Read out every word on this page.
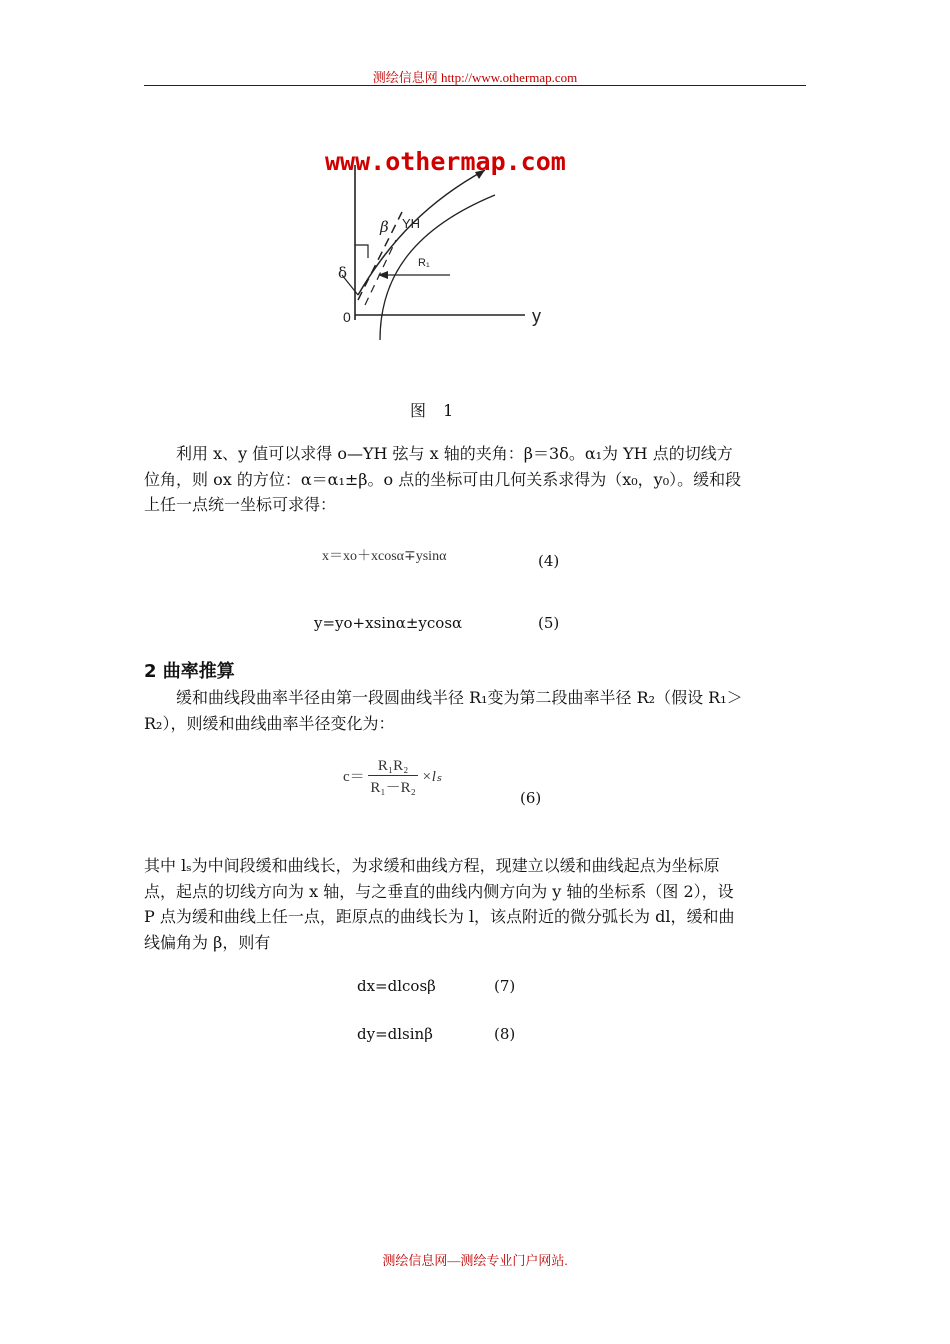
测绘信息网 http://www.othermap.com
www.othermap.com
β YH
R₁
δ
0	y
图 1
利用 x、y 值可以求得 o—YH 弦与 x 轴的夹角：β＝3δ。α₁为 YH 点的切线方位角，则 ox 的方位：α＝α₁±β。o 点的坐标可由几何关系求得为（x₀，y₀）。缓和段上任一点统一坐标可求得：
x＝xo＋xcosα∓ysinα	(4)
y=yo+xsinα±ycosα	(5)
2 曲率推算
缓和曲线段曲率半径由第一段圆曲线半径 R₁变为第二段曲率半径 R₂（假设 R₁＞R₂），则缓和曲线曲率半径变化为：
$c= \frac{\text{R₁R₂}}{\text{R₁－R₂}} \times l_s$
(6)
其中 lₛ为中间段缓和曲线长，为求缓和曲线方程，现建立以缓和曲线起点为坐标原点，起点的切线方向为 x 轴，与之垂直的曲线内侧方向为 y 轴的坐标系（图 2），设 P 点为缓和曲线上任一点，距原点的曲线长为 l，该点附近的微分弧长为 dl，缓和曲线偏角为 β，则有
dx=dlcosβ	(7)
dy=dlsinβ	(8)
测绘信息网—测绘专业门户网站.
